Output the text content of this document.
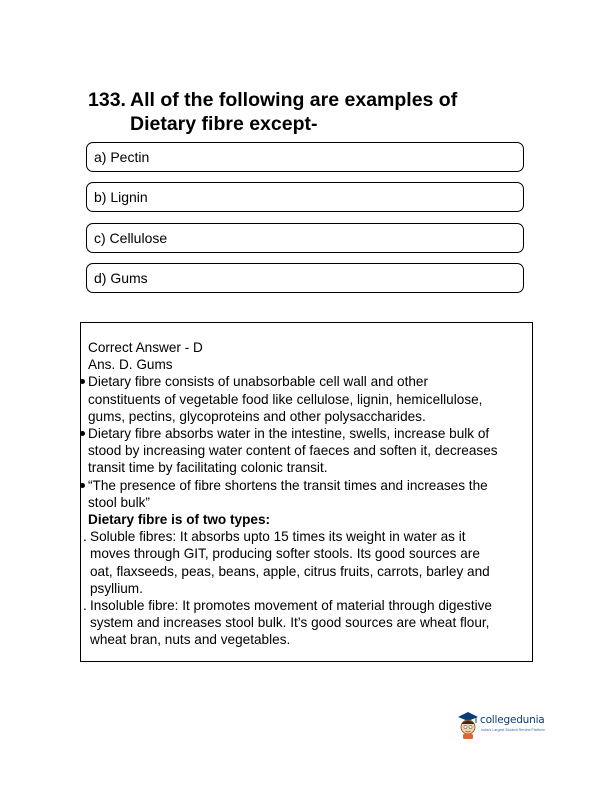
133. All of the following are examples of
Dietary fibre except-
a) Pectin
b) Lignin
c) Cellulose
d) Gums
Correct Answer - D
Ans. D. Gums
Dietary fibre consists of unabsorbable cell wall and other
constituents of vegetable food like cellulose, lignin, hemicellulose,
gums, pectins, glycoproteins and other polysaccharides.
Dietary fibre absorbs water in the intestine, swells, increase bulk of
stood by increasing water content of faeces and soften it, decreases
transit time by facilitating colonic transit.
“The presence of fibre shortens the transit times and increases the
stool bulk”
Dietary fibre is of two types:
. Soluble fibres: It absorbs upto 15 times its weight in water as it
moves through GIT, producing softer stools. Its good sources are
oat, flaxseeds, peas, beans, apple, citrus fruits, carrots, barley and
psyllium.
. Insoluble fibre: It promotes movement of material through digestive
system and increases stool bulk. It’s good sources are wheat flour,
wheat bran, nuts and vegetables.
collegedunia
India's Largest Student Review Platform
